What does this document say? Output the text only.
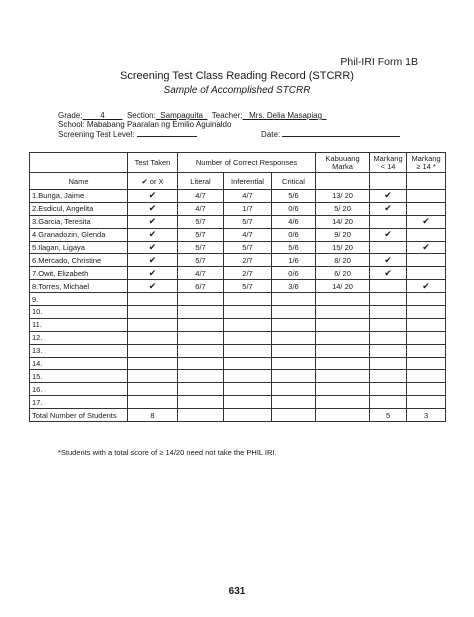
Phil-IRI Form 1B
Screening Test Class Reading Record (STCRR)
Sample of Accomplished STCRR
Grade: 4	Section: Sampaguita Teacher: Mrs. Delia Masapiag
School: Mababang Paaralan ng Emilio Aguinaldo
Screening Test Level:	Date:
	Test Taken	Number of Correct Responses			Kabuuang Marka	Markang < 14	Markang ≥ 14 *
Name	✔ or X	Literal	Inferential	Critical			
1.Bunga, Jaime	✔	4/7	4/7	5/6	13/ 20	✔	
2.Esdicul, Angelita	✔	4/7	1/7	0/6	5/ 20	✔	
3.Garcia, Teresita	✔	5/7	5/7	4/6	14/ 20		✔
4.Granadozin, Glenda	✔	5/7	4/7	0/6	9/ 20	✔	
5.Ilagan, Ligaya	✔	5/7	5/7	5/6	15/ 20		✔
6.Mercado, Christine	✔	5/7	2/7	1/6	8/ 20	✔	
7.Owit, Elizabeth	✔	4/7	2/7	0/6	6/ 20	✔	
8.Torres, Michael	✔	6/7	5/7	3/6	14/ 20		✔
9.							
10.							
11.							
12.							
13.							
14.							
15.							
16.							
17.							
Total Number of Students	8					5	3
*Students with a total score of ≥ 14/20 need not take the PHIL IRI.
631
